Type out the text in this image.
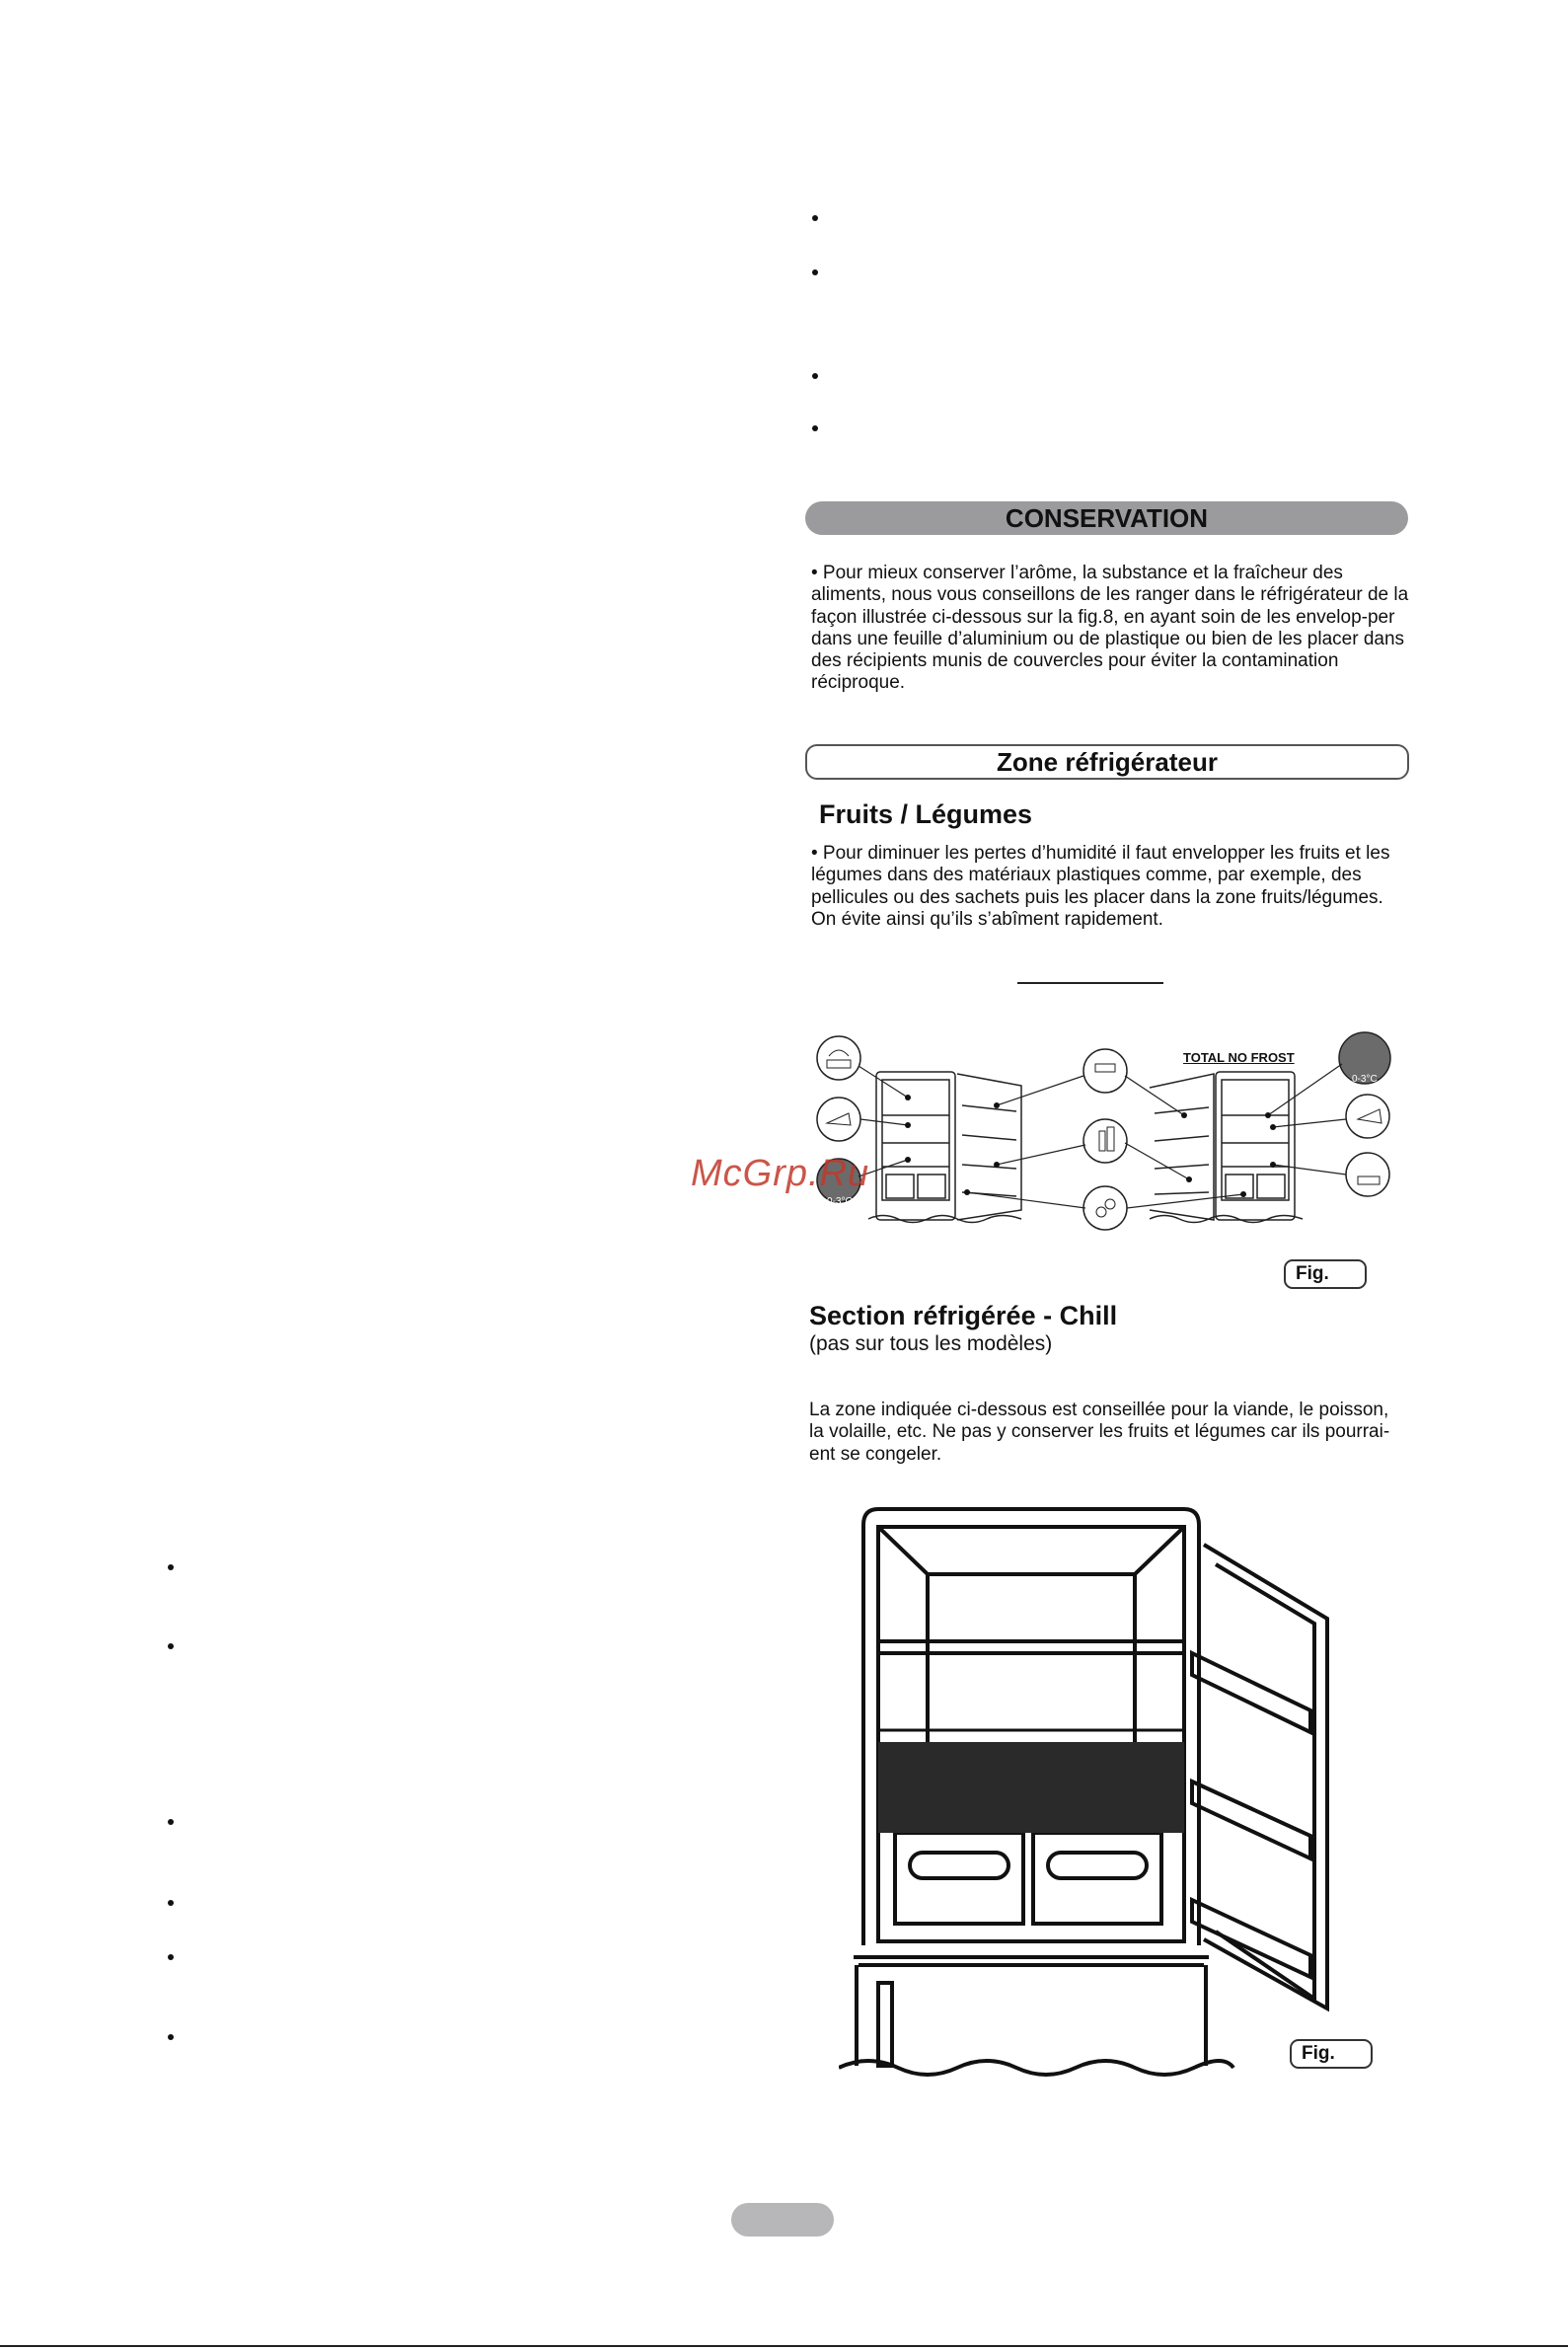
CONSERVATION
• Pour mieux conserver l’arôme, la substance et la fraîcheur des aliments, nous vous conseillons de les ranger dans le réfrigérateur de la façon illustrée ci-dessous sur la fig.8, en ayant soin de les envelop-per dans une feuille d’aluminium ou de plastique ou bien de les placer dans des récipients munis de couvercles pour éviter la contamination réciproque.
Zone réfrigérateur
Fruits / Légumes
• Pour diminuer les pertes d’humidité il faut envelopper les fruits et les légumes dans des matériaux plastiques comme, par exemple, des pellicules ou des sachets puis les placer dans la zone fruits/légumes. On évite ainsi qu’ils s’abîment rapidement.
TOTAL NO FROST
0-3°C
0-3°C
McGrp.Ru
Fig.
Section réfrigérée - Chill
(pas sur tous les modèles)
La zone indiquée ci-dessous est conseillée pour la viande, le poisson, la volaille, etc. Ne pas y conserver les fruits et légumes car ils pourrai-ent se congeler.
Fig.
